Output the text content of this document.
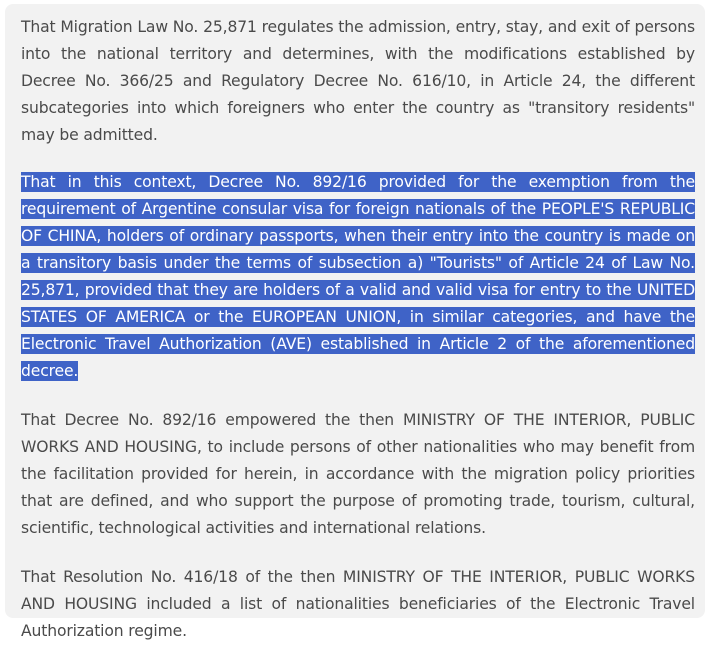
That Migration Law No. 25,871 regulates the admission, entry, stay, and exit of persons into the national territory and determines, with the modifications established by Decree No. 366/25 and Regulatory Decree No. 616/10, in Article 24, the different subcategories into which foreigners who enter the country as "transitory residents" may be admitted.

That in this context, Decree No. 892/16 provided for the exemption from the requirement of Argentine consular visa for foreign nationals of the PEOPLE'S REPUBLIC OF CHINA, holders of ordinary passports, when their entry into the country is made on a transitory basis under the terms of subsection a) "Tourists" of Article 24 of Law No. 25,871, provided that they are holders of a valid and valid visa for entry to the UNITED STATES OF AMERICA or the EUROPEAN UNION, in similar categories, and have the Electronic Travel Authorization (AVE) established in Article 2 of the aforementioned decree.

That Decree No. 892/16 empowered the then MINISTRY OF THE INTERIOR, PUBLIC WORKS AND HOUSING, to include persons of other nationalities who may benefit from the facilitation provided for herein, in accordance with the migration policy priorities that are defined, and who support the purpose of promoting trade, tourism, cultural, scientific, technological activities and international relations.

That Resolution No. 416/18 of the then MINISTRY OF THE INTERIOR, PUBLIC WORKS AND HOUSING included a list of nationalities beneficiaries of the Electronic Travel Authorization regime.
